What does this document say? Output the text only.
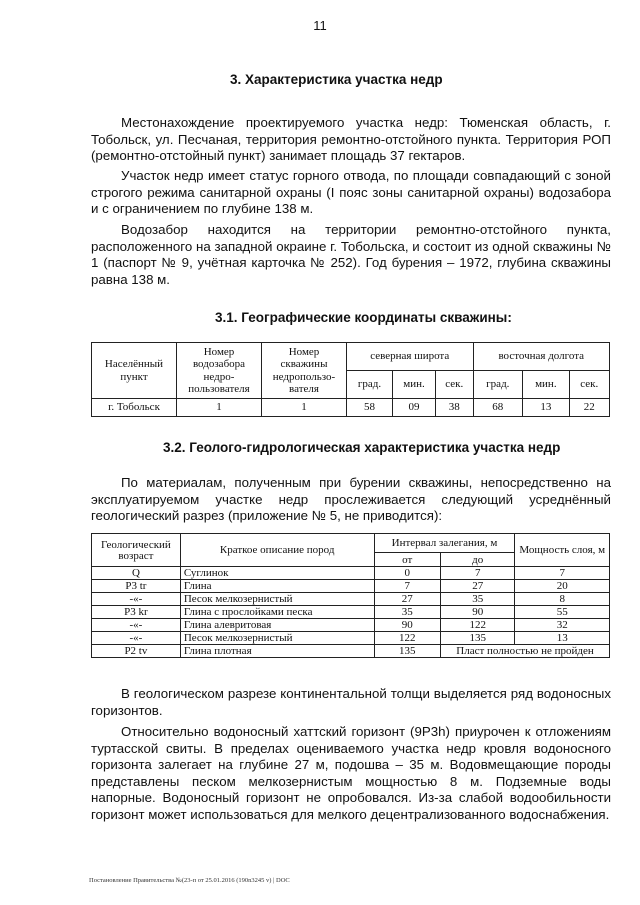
11
3. Характеристика участка недр

Местонахождение проектируемого участка недр: Тюменская область, г. Тобольск, ул. Песчаная, территория ремонтно-отстойного пункта. Территория РОП (ремонтно-отстойный пункт) занимает площадь 37 гектаров.

Участок недр имеет статус горного отвода, по площади совпадающий с зоной строгого режима санитарной охраны (I пояс зоны санитарной охраны) водозабора и с ограничением по глубине 138 м.

Водозабор находится на территории ремонтно-отстойного пункта, расположенного на западной окраине г. Тобольска, и состоит из одной скважины № 1 (паспорт № 9, учётная карточка № 252). Год бурения – 1972, глубина скважины равна 138 м.

3.1. Географические координаты скважины:
Населённый пункт	Номер водозабора недро-пользователя	Номер скважины недропользо-вателя	северная широта			восточная долгота		
			град.	мин.	сек.	град.	мин.	сек.
г. Тобольск	1	1	58	09	38	68	13	22
3.2. Геолого-гидрологическая характеристика участка недр

По материалам, полученным при бурении скважины, непосредственно на эксплуатируемом участке недр прослеживается следующий усреднённый геологический разрез (приложение № 5, не приводится):

Геологический возраст	Краткое описание пород	Интервал залегания, м		Мощность слоя, м
		от	до	
Q	Суглинок	0	7	7
P3 tr	Глина	7	27	20
-«-	Песок мелкозернистый	27	35	8
P3 kr	Глина с прослойками песка	35	90	55
-«-	Глина алевритовая	90	122	32
-«-	Песок мелкозернистый	122	135	13
P2 tv	Глина плотная	135	Пласт полностью не пройден	

В геологическом разрезе континентальной толщи выделяется ряд водоносных горизонтов.

Относительно водоносный хаттский горизонт (9P3h) приурочен к отложениям туртасской свиты. В пределах оцениваемого участка недр кровля водоносного горизонта залегает на глубине 27 м, подошва – 35 м. Водовмещающие породы представлены песком мелкозернистым мощностью 8 м. Подземные воды напорные. Водоносный горизонт не опробовался. Из-за слабой водообильности горизонт может использоваться для мелкого децентрализованного водоснабжения.

Постановление Правительства №(23-п от 25.01.2016 (190n3245 v) | DOC
